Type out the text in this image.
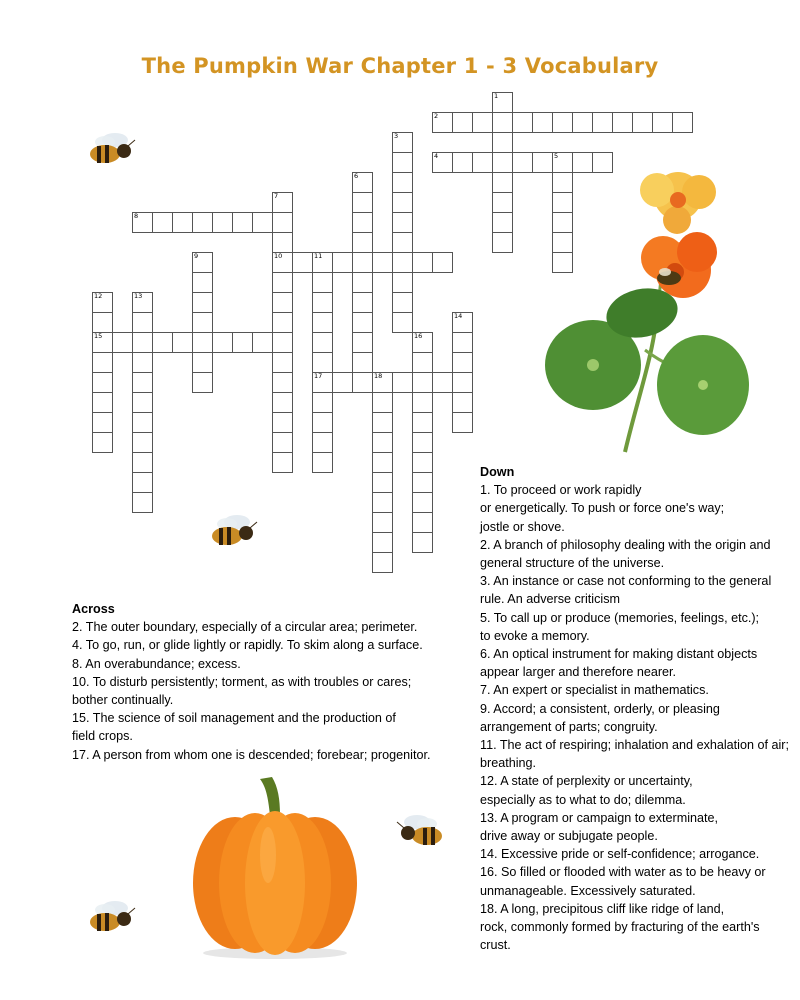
The Pumpkin War Chapter 1 - 3 Vocabulary
1
2
3
4	5
6
7
10
8
9	11
17
12
15
13
14
16
18
Down
1. To proceed or work rapidly
or energetically. To push or force one's way;
jostle or shove.
2. A branch of philosophy dealing with the origin and general structure of the universe.
3. An instance or case not conforming to the general rule. An adverse criticism
5. To call up or produce (memories, feelings, etc.);
to evoke a memory.
6. An optical instrument for making distant objects appear larger and therefore nearer.
7. An expert or specialist in mathematics.
9. Accord; a consistent, orderly, or pleasing arrangement of parts; congruity.
11. The act of respiring; inhalation and exhalation of air; breathing.
12. A state of perplexity or uncertainty,
especially as to what to do; dilemma.
13. A program or campaign to exterminate,
drive away or subjugate people.
14. Excessive pride or self-confidence; arrogance.
16. So filled or flooded with water as to be heavy or unmanageable. Excessively saturated.
18. A long, precipitous cliff like ridge of land,
rock, commonly formed by fracturing of the earth's crust.
Across
2. The outer boundary, especially of a circular area; perimeter.
4. To go, run, or glide lightly or rapidly. To skim along a surface.
8. An overabundance; excess.
10. To disturb persistently; torment, as with troubles or cares;
bother continually.
15. The science of soil management and the production of
field crops.
17. A person from whom one is descended; forebear; progenitor.
